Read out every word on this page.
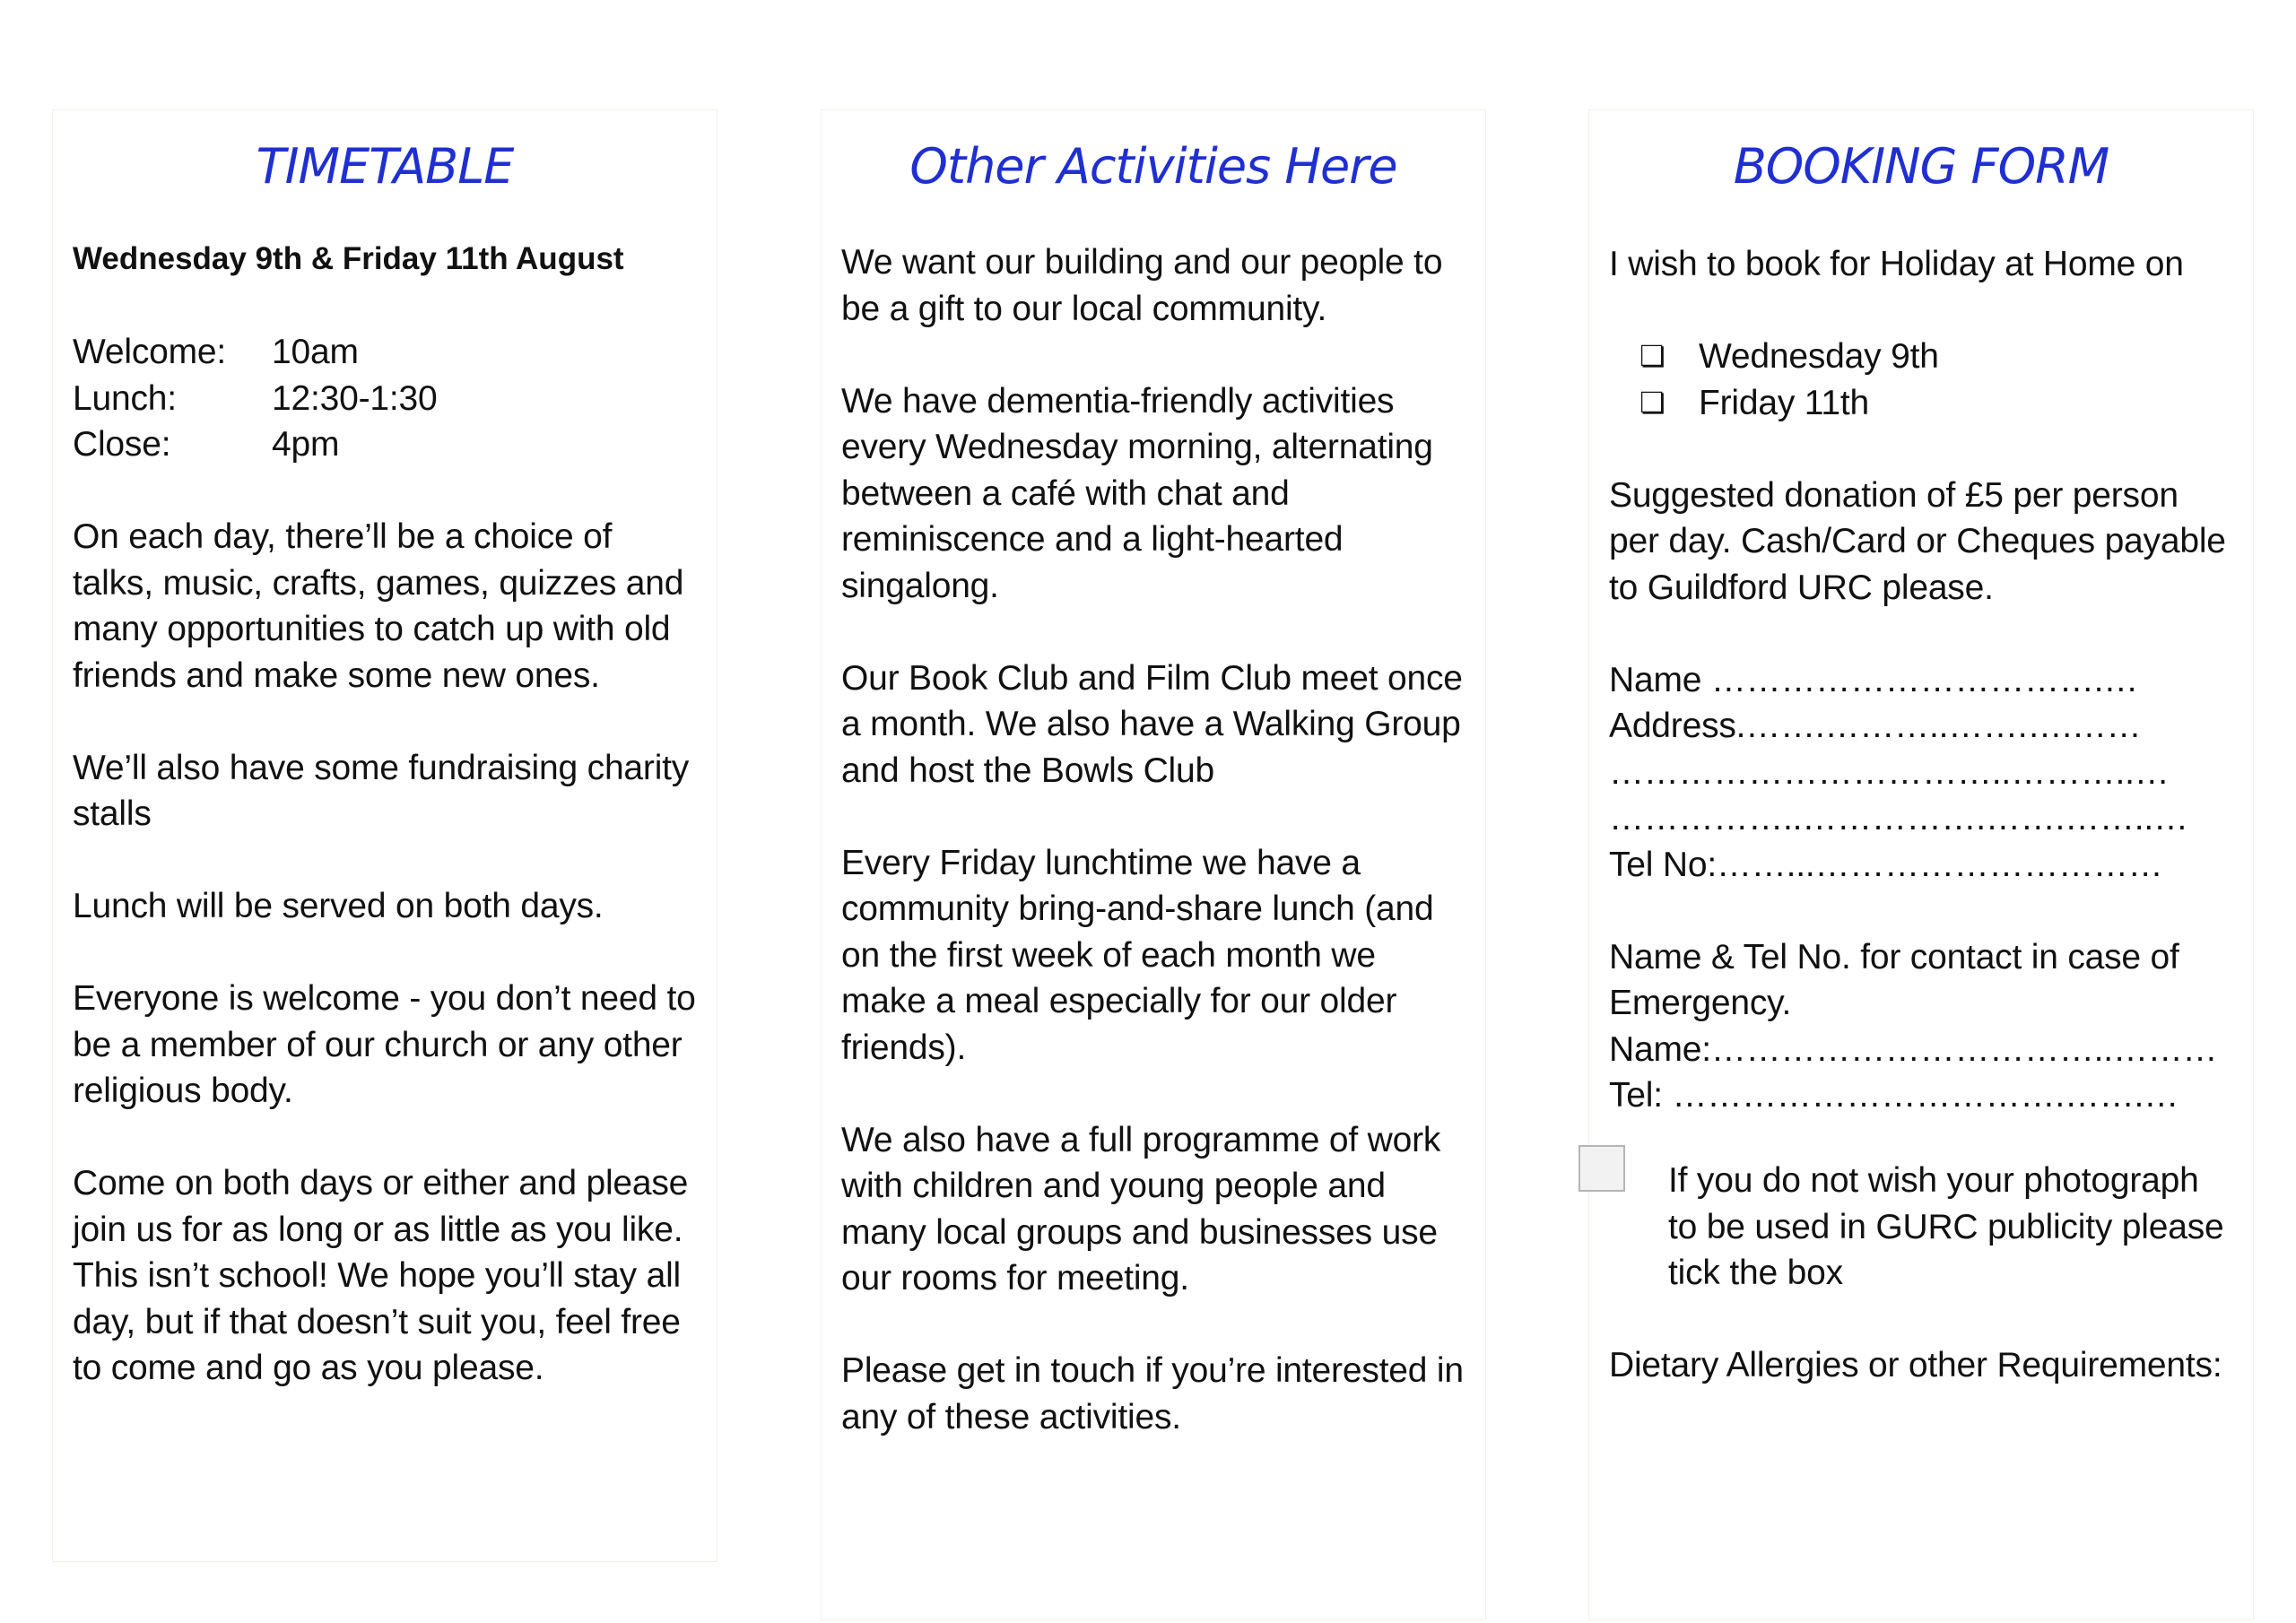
TIMETABLE

Wednesday 9th & Friday 11th August

Welcome:	10am
Lunch:	12:30-1:30
Close:	4pm

On each day, there’ll be a choice of talks, music, crafts, games, quizzes and many opportunities to catch up with old friends and make some new ones.

We’ll also have some fundraising charity stalls

Lunch will be served on both days.

Everyone is welcome - you don’t need to be a member of our church or any other religious body.

Come on both days or either and please join us for as long or as little as you like. This isn’t school! We hope you’ll stay all day, but if that doesn’t suit you, feel free to come and go as you please.

Other Activities Here

We want our building and our people to be a gift to our local community.

We have dementia-friendly activities every Wednesday morning, alternating between a café with chat and reminiscence and a light-hearted singalong.

Our Book Club and Film Club meet once a month. We also have a Walking Group and host the Bowls Club

Every Friday lunchtime we have a community bring-and-share lunch (and on the first week of each month we make a meal especially for our older friends).

We also have a full programme of work with children and young people and many local groups and businesses use our rooms for meeting.

Please get in touch if you’re interested in any of these activities.

BOOKING FORM

I wish to book for Holiday at Home on

❏ Wednesday 9th
❏ Friday 11th

Suggested donation of £5 per person per day. Cash/Card or Cheques payable to Guildford URC please.

Name …………………………….…
Address.…….………..…….….……
……………………………..………..…
……………..…………….…….……..…
Tel No:……...…………………………
Name & Tel No. for contact in case of Emergency.
Name:……………………………..………
Tel: …………………………….…….…
If you do not wish your photograph to be used in GURC publicity please tick the box

Dietary Allergies or other Requirements:
